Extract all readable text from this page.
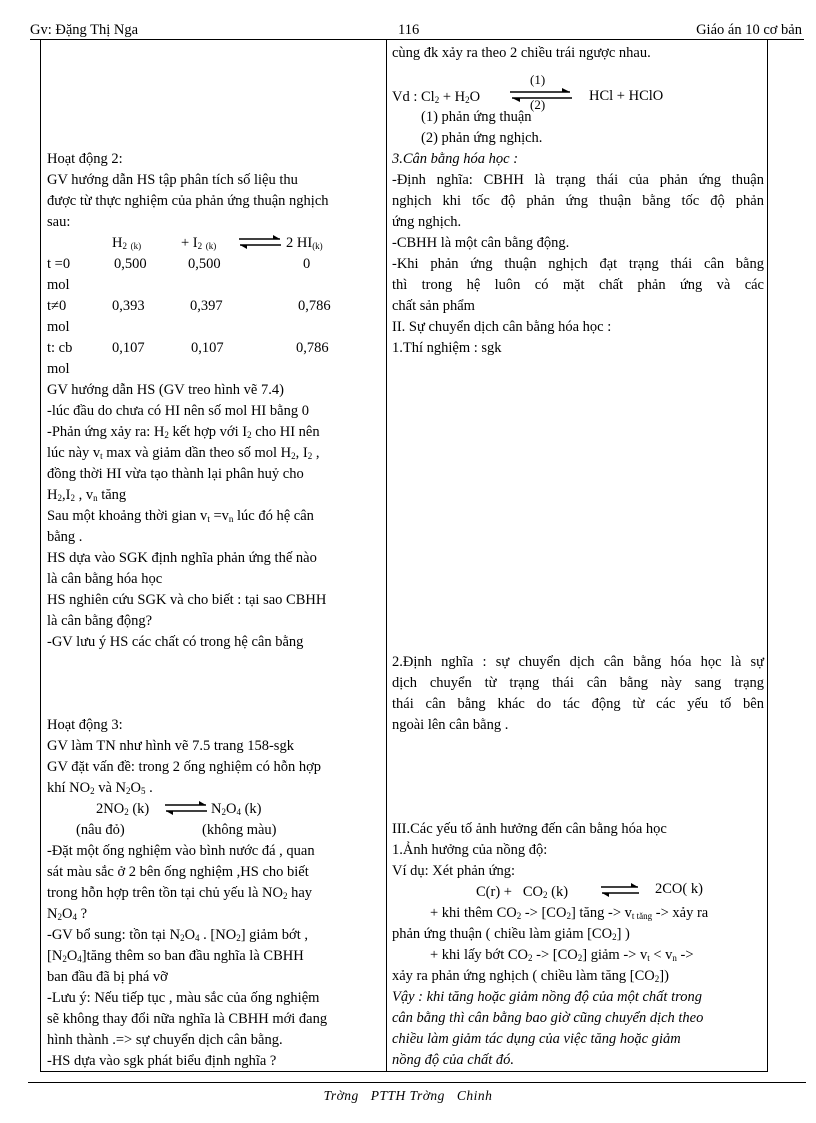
Gv: Đặng Thị Nga	116	Giáo án 10 cơ bản
cùng đk xảy ra theo 2 chiều trái ngược nhau.
Vd : $Cl_2 + H_2O$
(1)
(2)
HCl + HClO
(1) phản ứng thuận
(2) phản ứng nghịch.
3.Cân bằng hóa học :
-Định nghĩa: CBHH là trạng thái của phản ứng thuận
nghịch khi tốc độ phản ứng thuận bằng tốc độ phản
ứng nghịch.
-CBHH là một cân bằng động.
-Khi phản ứng thuận nghịch đạt trạng thái cân bằng
thì trong hệ luôn có mặt chất phản ứng và các
chất sản phẩm
II. Sự chuyển dịch cân bằng hóa học :
1.Thí nghiệm : sgk
2.Định nghĩa : sự chuyển dịch cân bằng hóa học là sự
dịch chuyển từ trạng thái cân bằng này sang trạng
thái cân bằng khác do tác động từ các yếu tố bên
ngoài lên cân bằng .
III.Các yếu tố ảnh hưởng đến cân bằng hóa học
1.Ảnh hưởng của nồng độ:
Ví dụ: Xét phản ứng:
$C(r) + CO_2$ (k) ⇌ 2CO( k)
+ khi thêm $CO_2 -> [CO_2]$ tăng -> $v_{t tăng}$ -> xảy ra
phản ứng thuận ( chiều làm giảm $[CO_2]$ )
+ khi lấy bớt $CO_2 -> [CO_2]$ giảm -> $v_t < v_n$ ->
xảy ra phản ứng nghịch ( chiều làm tăng $[CO_2]$)
Vậy : khi tăng hoặc giảm nồng độ của một chất trong
cân bằng thì cân bằng bao giờ cũng chuyển dịch theo
chiều làm giảm tác dụng của việc tăng hoặc giảm
nồng độ của chất đó.
Hoạt động 2:
GV hướng dẫn HS tập phân tích số liệu thu
được từ thực nghiệm của phản ứng thuận nghịch
sau:
$H_2$ $_{(k)}$	+ $I_2$ $_{(k)}$ ⇌ 2 $HI_{(k)}$
t =0	0,500	0,500	0
mol
t≠0	0,393	0,397	0,786
mol
t: cb	0,107	0,107	0,786
mol
GV hướng dẫn HS (GV treo hình vẽ 7.4)
-lúc đầu do chưa có HI nên số mol HI bằng 0
-Phản ứng xảy ra: $H_2$ kết hợp với $I_2$ cho HI nên
lúc này $v_t$ max và giảm dần theo số mol $H_2$, $I_2$ ,
đồng thời HI vừa tạo thành lại phân huỷ cho
$H_2,I_2$ , $v_n$ tăng
Sau một khoảng thời gian $v_t =v_n$ lúc đó hệ cân
bằng .
HS dựa vào SGK định nghĩa phản ứng thế nào
là cân bằng hóa học
HS nghiên cứu SGK và cho biết : tại sao CBHH
là cân bằng động?
-GV lưu ý HS các chất có trong hệ cân bằng
Hoạt động 3:
GV làm TN như hình vẽ 7.5 trang 158-sgk
GV đặt vấn đề: trong 2 ống nghiệm có hỗn hợp
khí $NO_2$ và $N_2O_5$ .
$2NO_2$ (k) ⇌ $N_2O_4$ (k)
(nâu đỏ)	(không màu)
-Đặt một ống nghiệm vào bình nước đá , quan
sát màu sắc ở 2 bên ống nghiệm ,HS cho biết
trong hỗn hợp trên tồn tại chủ yếu là $NO_2$ hay
$N_2O_4$ ?
-GV bổ sung: tồn tại $N_2O_4$ . $[NO_2]$ giảm bớt ,
$[N_2O_4]tăng$ thêm so ban đầu nghĩa là CBHH
ban đầu đã bị phá vỡ
-Lưu ý: Nếu tiếp tục , màu sắc của ống nghiệm
sẽ không thay đổi nữa nghĩa là CBHH mới đang
hình thành .=> sự chuyển dịch cân bằng.
-HS dựa vào sgk phát biểu định nghĩa ?
Trờng PTTH Trờng Chinh
